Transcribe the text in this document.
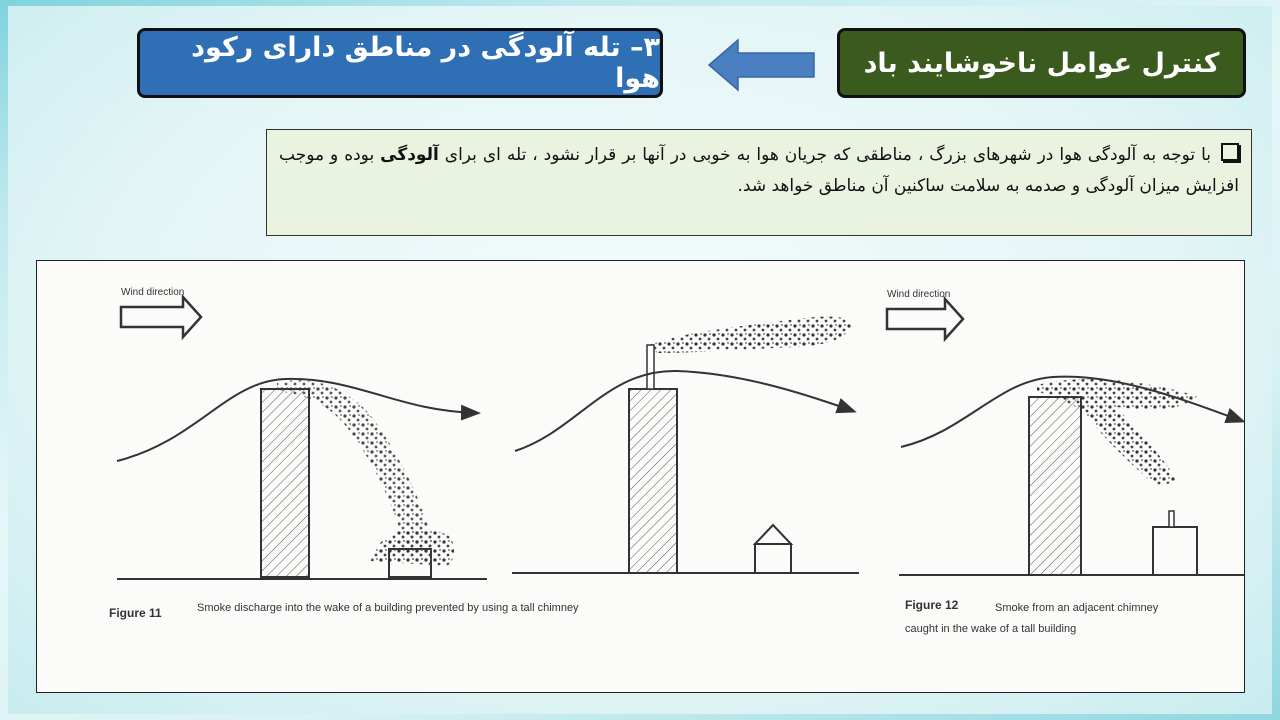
کنترل عوامل ناخوشایند باد
۳– تله آلودگی در مناطق دارای رکود هوا
با توجه به آلودگی هوا در شهرهای بزرگ ، مناطقی که جریان هوا به خوبی در آنها بر قرار نشود ، تله ای برای آلودگی بوده و موجب افزایش میزان آلودگی و صدمه به سلامت ساکنین آن مناطق خواهد شد.
Wind direction
Figure 11	Smoke discharge into the wake of a building prevented by using a tall chimney
Wind direction
Figure 12	Smoke from an adjacent chimney
caught in the wake of a tall building
